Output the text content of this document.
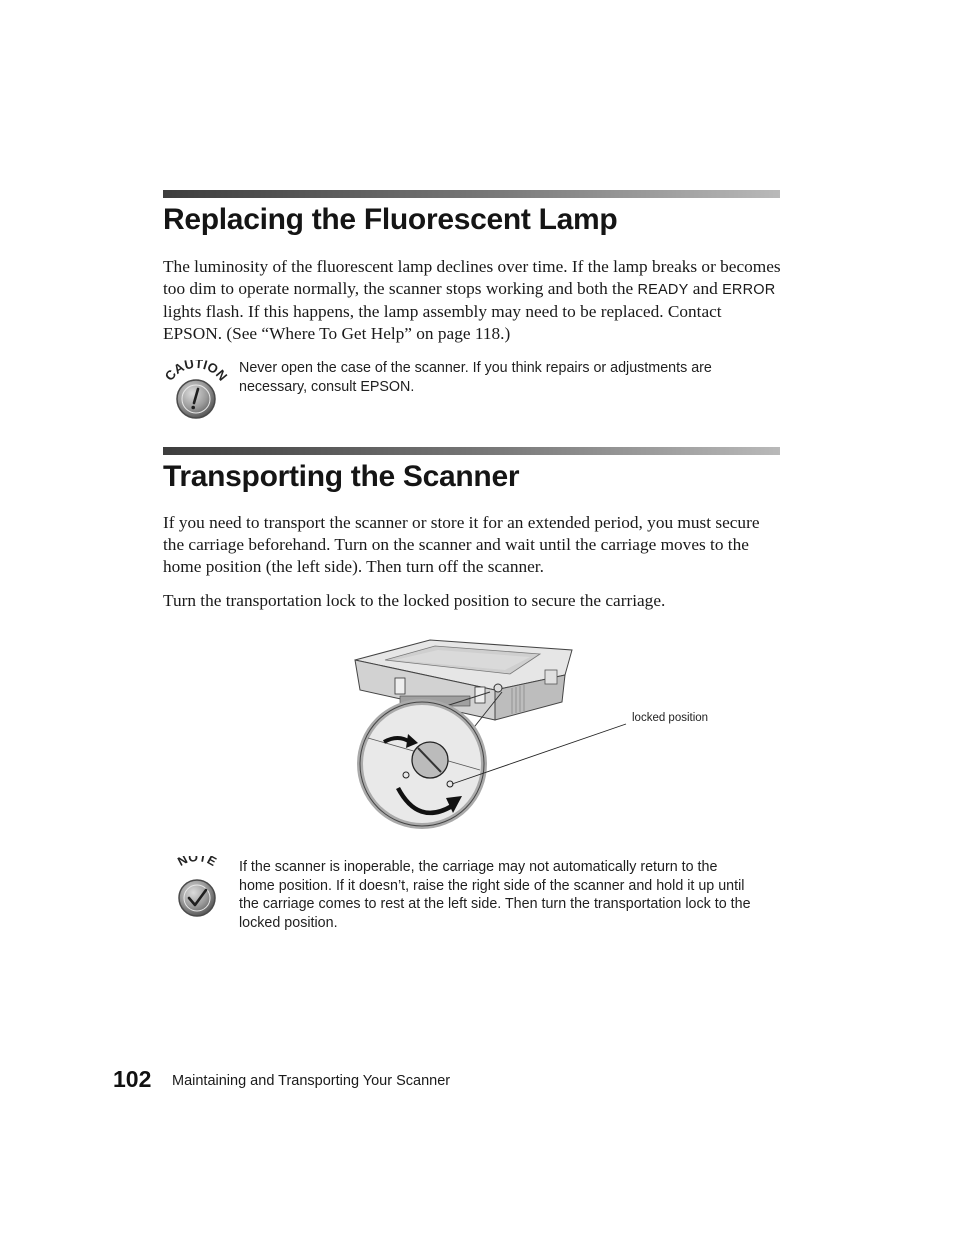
Replacing the Fluorescent Lamp

The luminosity of the fluorescent lamp declines over time. If the lamp breaks or becomes too dim to operate normally, the scanner stops working and both the READY and ERROR lights flash. If this happens, the lamp assembly may need to be replaced. Contact EPSON. (See “Where To Get Help” on page 118.)

CAUTION Never open the case of the scanner. If you think repairs or adjustments are necessary, consult EPSON.

Transporting the Scanner

If you need to transport the scanner or store it for an extended period, you must secure the carriage beforehand. Turn on the scanner and wait until the carriage moves to the home position (the left side). Then turn off the scanner.

Turn the transportation lock to the locked position to secure the carriage.

locked position

NOTE If the scanner is inoperable, the carriage may not automatically return to the home position. If it doesn’t, raise the right side of the scanner and hold it up until the carriage comes to rest at the left side. Then turn the transportation lock to the locked position.

102 Maintaining and Transporting Your Scanner
